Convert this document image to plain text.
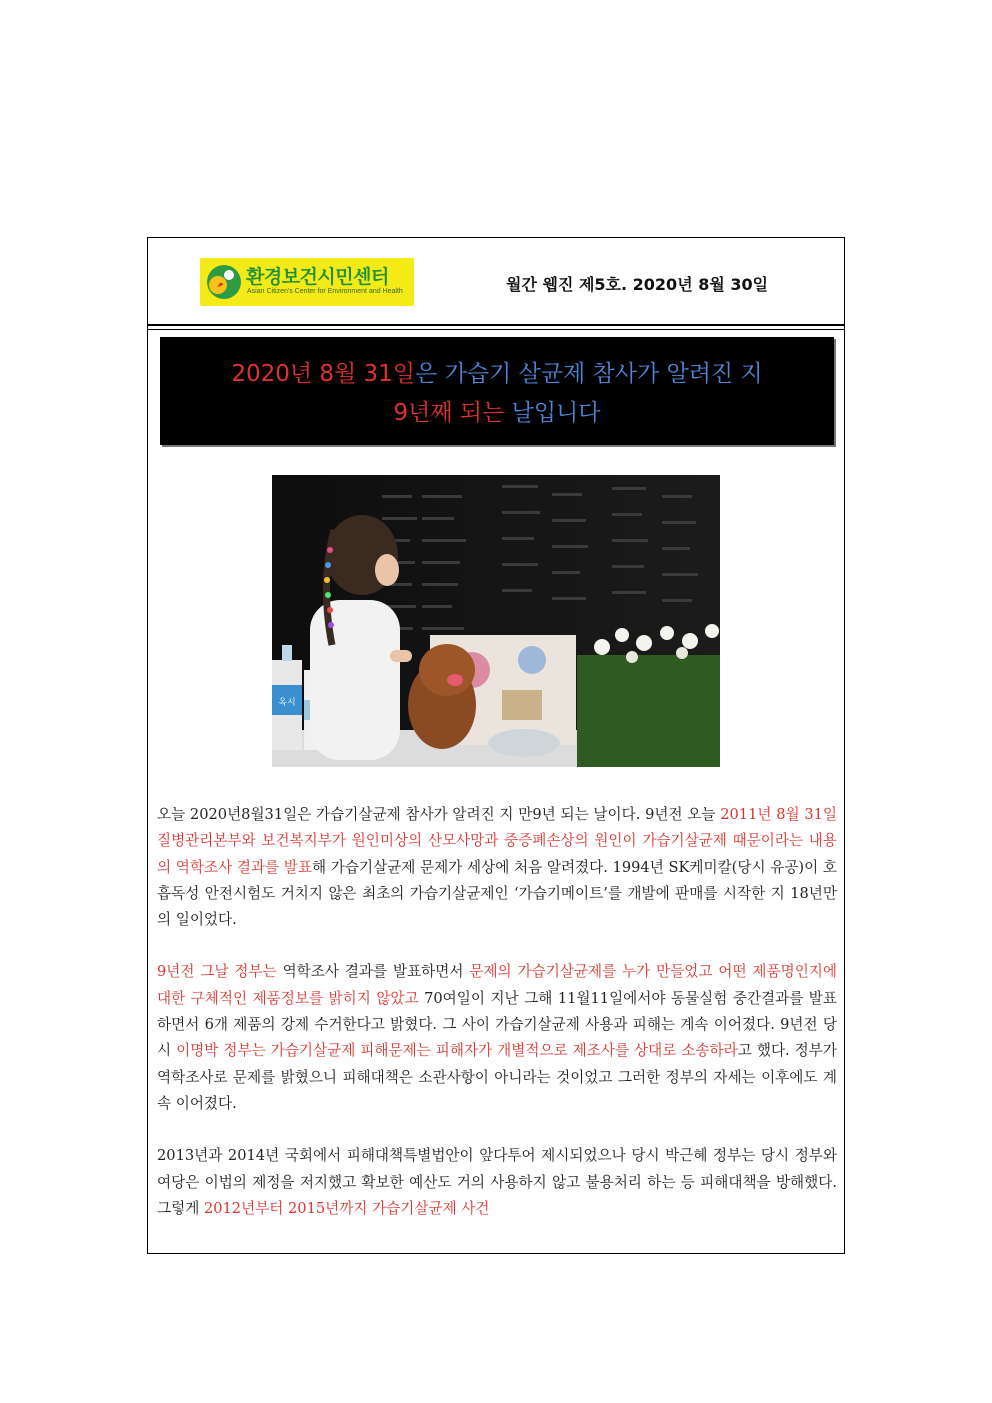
환경보건시민센터
Asian Citizen's Center for Environment and Health	월간 웹진 제5호. 2020년 8월 30일
2020년 8월 31일은 가습기 살균제 참사가 알려진 지
9년째 되는 날입니다
옥시

오늘 2020년8월31일은 가습기살균제 참사가 알려진 지 만9년 되는 날이다. 9년전 오늘 2011년 8월 31일 질병관리본부와 보건복지부가 원인미상의 산모사망과 중증폐손상의 원인이 가습기살균제 때문이라는 내용의 역학조사 결과를 발표해 가습기살균제 문제가 세상에 처음 알려졌다. 1994년 SK케미칼(당시 유공)이 호흡독성 안전시험도 거치지 않은 최초의 가습기살균제인 ‘가습기메이트’를 개발에 판매를 시작한 지 18년만의 일이었다.

9년전 그날 정부는 역학조사 결과를 발표하면서 문제의 가습기살균제를 누가 만들었고 어떤 제품명인지에 대한 구체적인 제품정보를 밝히지 않았고 70여일이 지난 그해 11월11일에서야 동물실험 중간결과를 발표하면서 6개 제품의 강제 수거한다고 밝혔다. 그 사이 가습기살균제 사용과 피해는 계속 이어졌다. 9년전 당시 이명박 정부는 가습기살균제 피해문제는 피해자가 개별적으로 제조사를 상대로 소송하라고 했다. 정부가 역학조사로 문제를 밝혔으니 피해대책은 소관사항이 아니라는 것이었고 그러한 정부의 자세는 이후에도 계속 이어졌다.

2013년과 2014년 국회에서 피해대책특별법안이 앞다투어 제시되었으나 당시 박근혜 정부는 당시 정부와 여당은 이법의 제정을 저지했고 확보한 예산도 거의 사용하지 않고 불용처리 하는 등 피해대책을 방해했다. 그렇게 2012년부터 2015년까지 가습기살균제 사건
